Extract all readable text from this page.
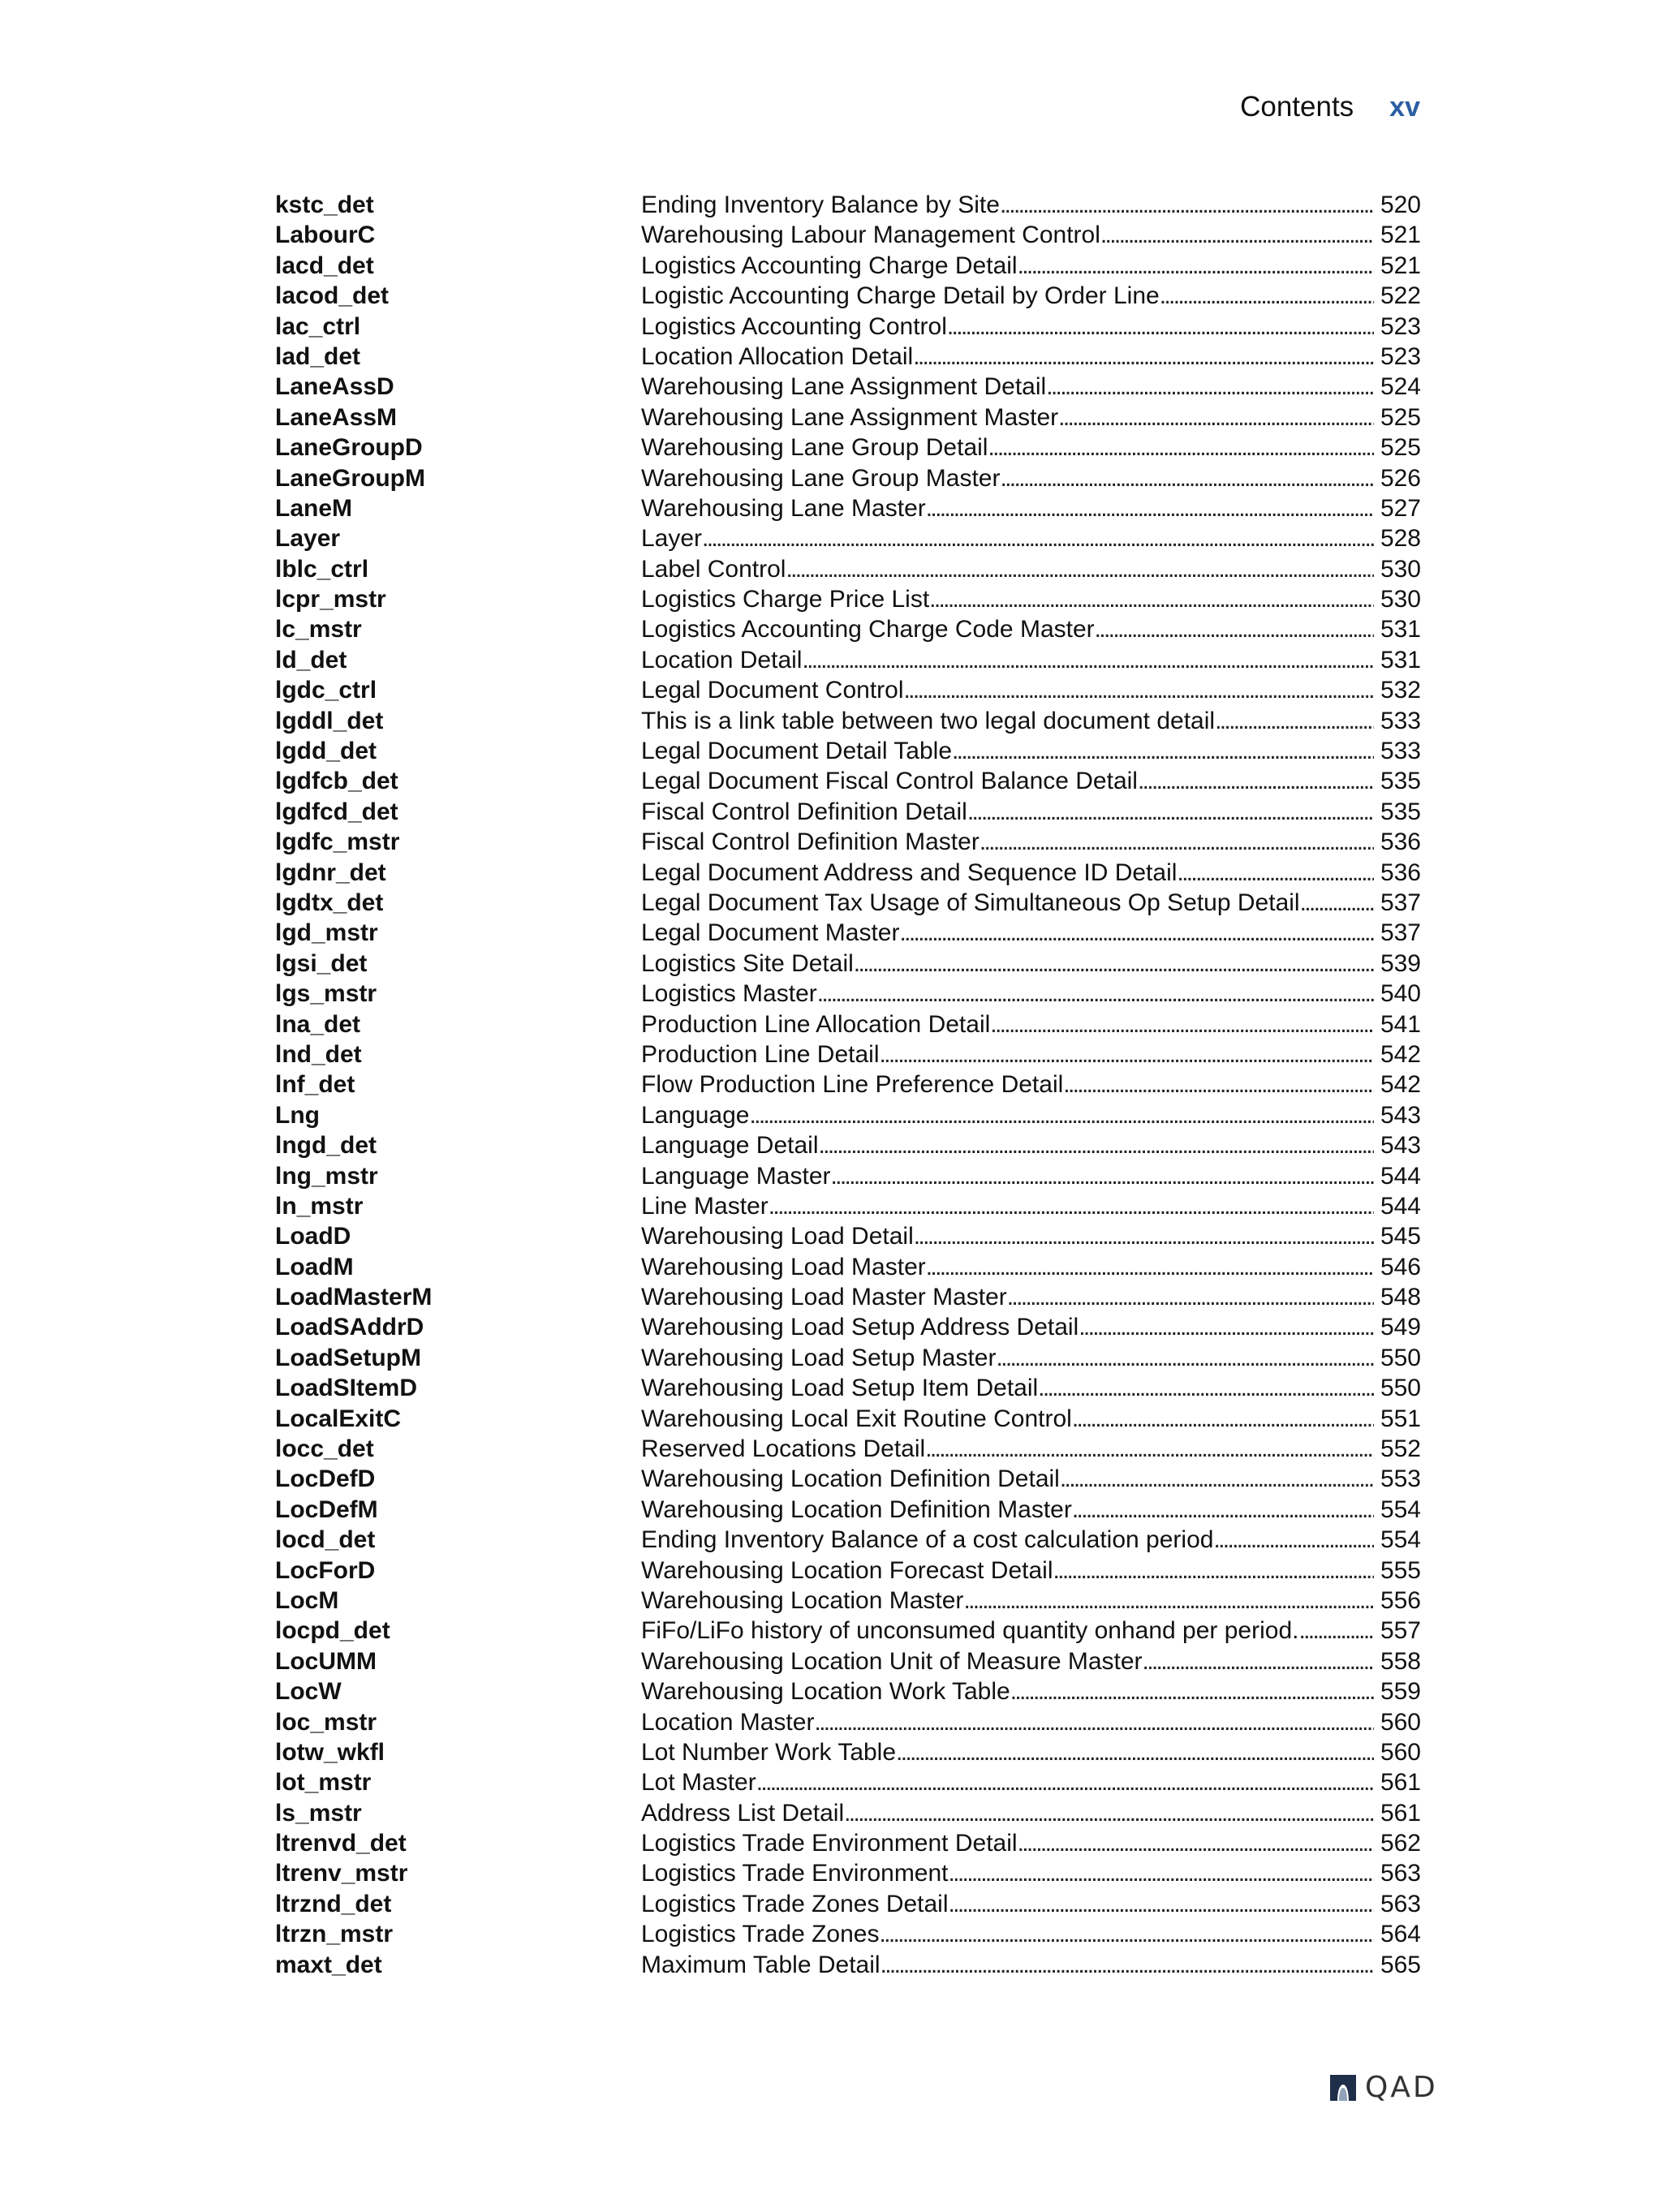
Contents xv
kstc_det	Ending Inventory Balance by Site . . .	520
LabourC	Warehousing Labour Management Control . . .	521
lacd_det	Logistics Accounting Charge Detail . . .	521
lacod_det	Logistic Accounting Charge Detail by Order Line . . .	522
lac_ctrl	Logistics Accounting Control . . .	523
lad_det	Location Allocation Detail . . .	523
LaneAssD	Warehousing Lane Assignment Detail . . .	524
LaneAssM	Warehousing Lane Assignment Master . . .	525
LaneGroupD	Warehousing Lane Group Detail . . .	525
LaneGroupM	Warehousing Lane Group Master . . .	526
LaneM	Warehousing Lane Master . . .	527
Layer	Layer . . .	528
lblc_ctrl	Label Control . . .	530
lcpr_mstr	Logistics Charge Price List . . .	530
lc_mstr	Logistics Accounting Charge Code Master . . .	531
ld_det	Location Detail . . .	531
lgdc_ctrl	Legal Document Control . . .	532
lgddl_det	This is a link table between two legal document detail . . .	533
lgdd_det	Legal Document Detail Table . . .	533
lgdfcb_det	Legal Document Fiscal Control Balance Detail . . .	535
lgdfcd_det	Fiscal Control Definition Detail . . .	535
lgdfc_mstr	Fiscal Control Definition Master . . .	536
lgdnr_det	Legal Document Address and Sequence ID Detail . . .	536
lgdtx_det	Legal Document Tax Usage of Simultaneous Op Setup Detail . . .	537
lgd_mstr	Legal Document Master . . .	537
lgsi_det	Logistics Site Detail . . .	539
lgs_mstr	Logistics Master . . .	540
lna_det	Production Line Allocation Detail . . .	541
lnd_det	Production Line Detail . . .	542
lnf_det	Flow Production Line Preference Detail . . .	542
Lng	Language . . .	543
lngd_det	Language Detail . . .	543
lng_mstr	Language Master . . .	544
ln_mstr	Line Master . . .	544
LoadD	Warehousing Load Detail . . .	545
LoadM	Warehousing Load Master . . .	546
LoadMasterM	Warehousing Load Master Master . . .	548
LoadSAddrD	Warehousing Load Setup Address Detail . . .	549
LoadSetupM	Warehousing Load Setup Master . . .	550
LoadSItemD	Warehousing Load Setup Item Detail . . .	550
LocalExitC	Warehousing Local Exit Routine Control . . .	551
locc_det	Reserved Locations Detail . . .	552
LocDefD	Warehousing Location Definition Detail . . .	553
LocDefM	Warehousing Location Definition Master . . .	554
locd_det	Ending Inventory Balance of a cost calculation period . . .	554
LocForD	Warehousing Location Forecast Detail . . .	555
LocM	Warehousing Location Master . . .	556
locpd_det	FiFo/LiFo history of unconsumed quantity onhand per period. . . .	557
LocUMM	Warehousing Location Unit of Measure Master . . .	558
LocW	Warehousing Location Work Table . . .	559
loc_mstr	Location Master . . .	560
lotw_wkfl	Lot Number Work Table . . .	560
lot_mstr	Lot Master . . .	561
ls_mstr	Address List Detail . . .	561
ltrenvd_det	Logistics Trade Environment Detail . . .	562
ltrenv_mstr	Logistics Trade Environment . . .	563
ltrznd_det	Logistics Trade Zones Detail . . .	563
ltrzn_mstr	Logistics Trade Zones . . .	564
maxt_det	Maximum Table Detail . . .	565
QAD
